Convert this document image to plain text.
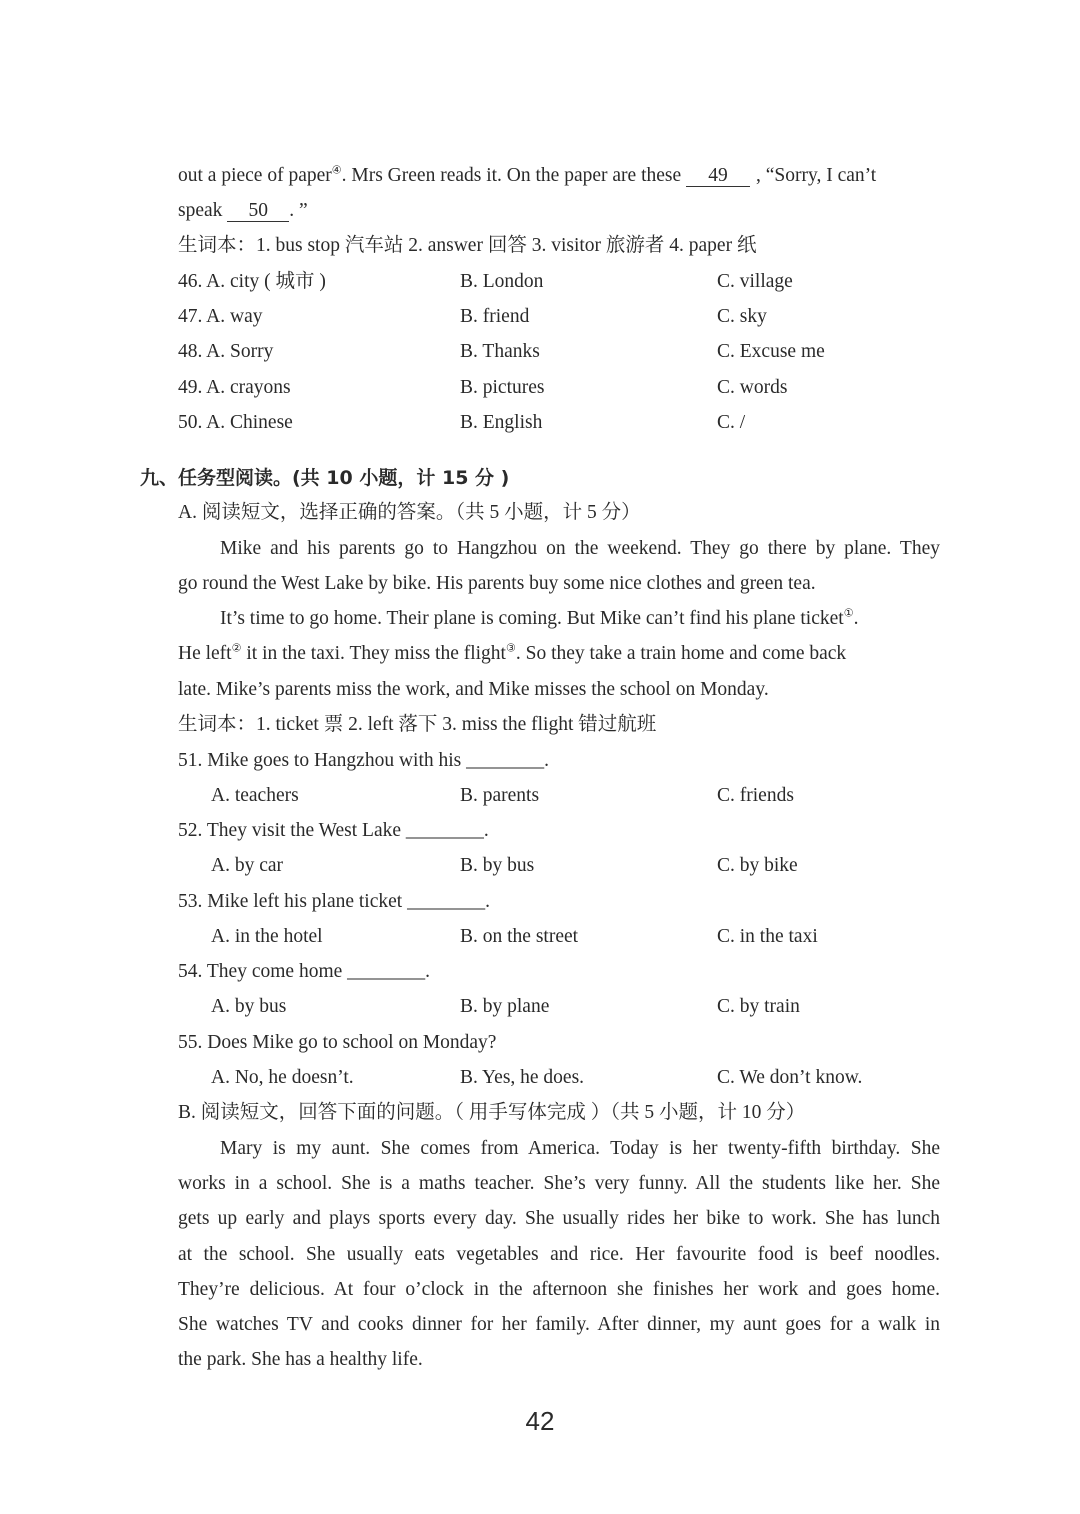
out a piece of paper④. Mrs Green reads it. On the paper are these 49 , “Sorry, I can’t
speak 50 . ”
生词本：1. bus stop 汽车站 2. answer 回答 3. visitor 旅游者 4. paper 纸
46. A. city ( 城市 )	B. London	C. village
47. A. way	B. friend	C. sky
48. A. Sorry	B. Thanks	C. Excuse me
49. A. crayons	B. pictures	C. words
50. A. Chinese	B. English	C. /
九、任务型阅读。(共 10 小题，计 15 分 )
A. 阅读短文，选择正确的答案。（共 5 小题，计 5 分）
Mike and his parents go to Hangzhou on the weekend. They go there by plane. They
go round the West Lake by bike. His parents buy some nice clothes and green tea.
It’s time to go home. Their plane is coming. But Mike can’t find his plane ticket①.
He left② it in the taxi. They miss the flight③. So they take a train home and come back
late. Mike’s parents miss the work, and Mike misses the school on Monday.
生词本：1. ticket 票 2. left 落下 3. miss the flight 错过航班
51. Mike goes to Hangzhou with his ________.
A. teachers	B. parents	C. friends
52. They visit the West Lake ________.
A. by car	B. by bus	C. by bike
53. Mike left his plane ticket ________.
A. in the hotel	B. on the street	C. in the taxi
54. They come home ________.
A. by bus	B. by plane	C. by train
55. Does Mike go to school on Monday?
A. No, he doesn’t.	B. Yes, he does.	C. We don’t know.
B. 阅读短文，回答下面的问题。（ 用手写体完成 ）（共 5 小题，计 10 分）
Mary is my aunt. She comes from America. Today is her twenty-fifth birthday. She
works in a school. She is a maths teacher. She’s very funny. All the students like her. She
gets up early and plays sports every day. She usually rides her bike to work. She has lunch
at the school. She usually eats vegetables and rice. Her favourite food is beef noodles.
They’re delicious. At four o’clock in the afternoon she finishes her work and goes home.
She watches TV and cooks dinner for her family. After dinner, my aunt goes for a walk in
the park. She has a healthy life.
42
